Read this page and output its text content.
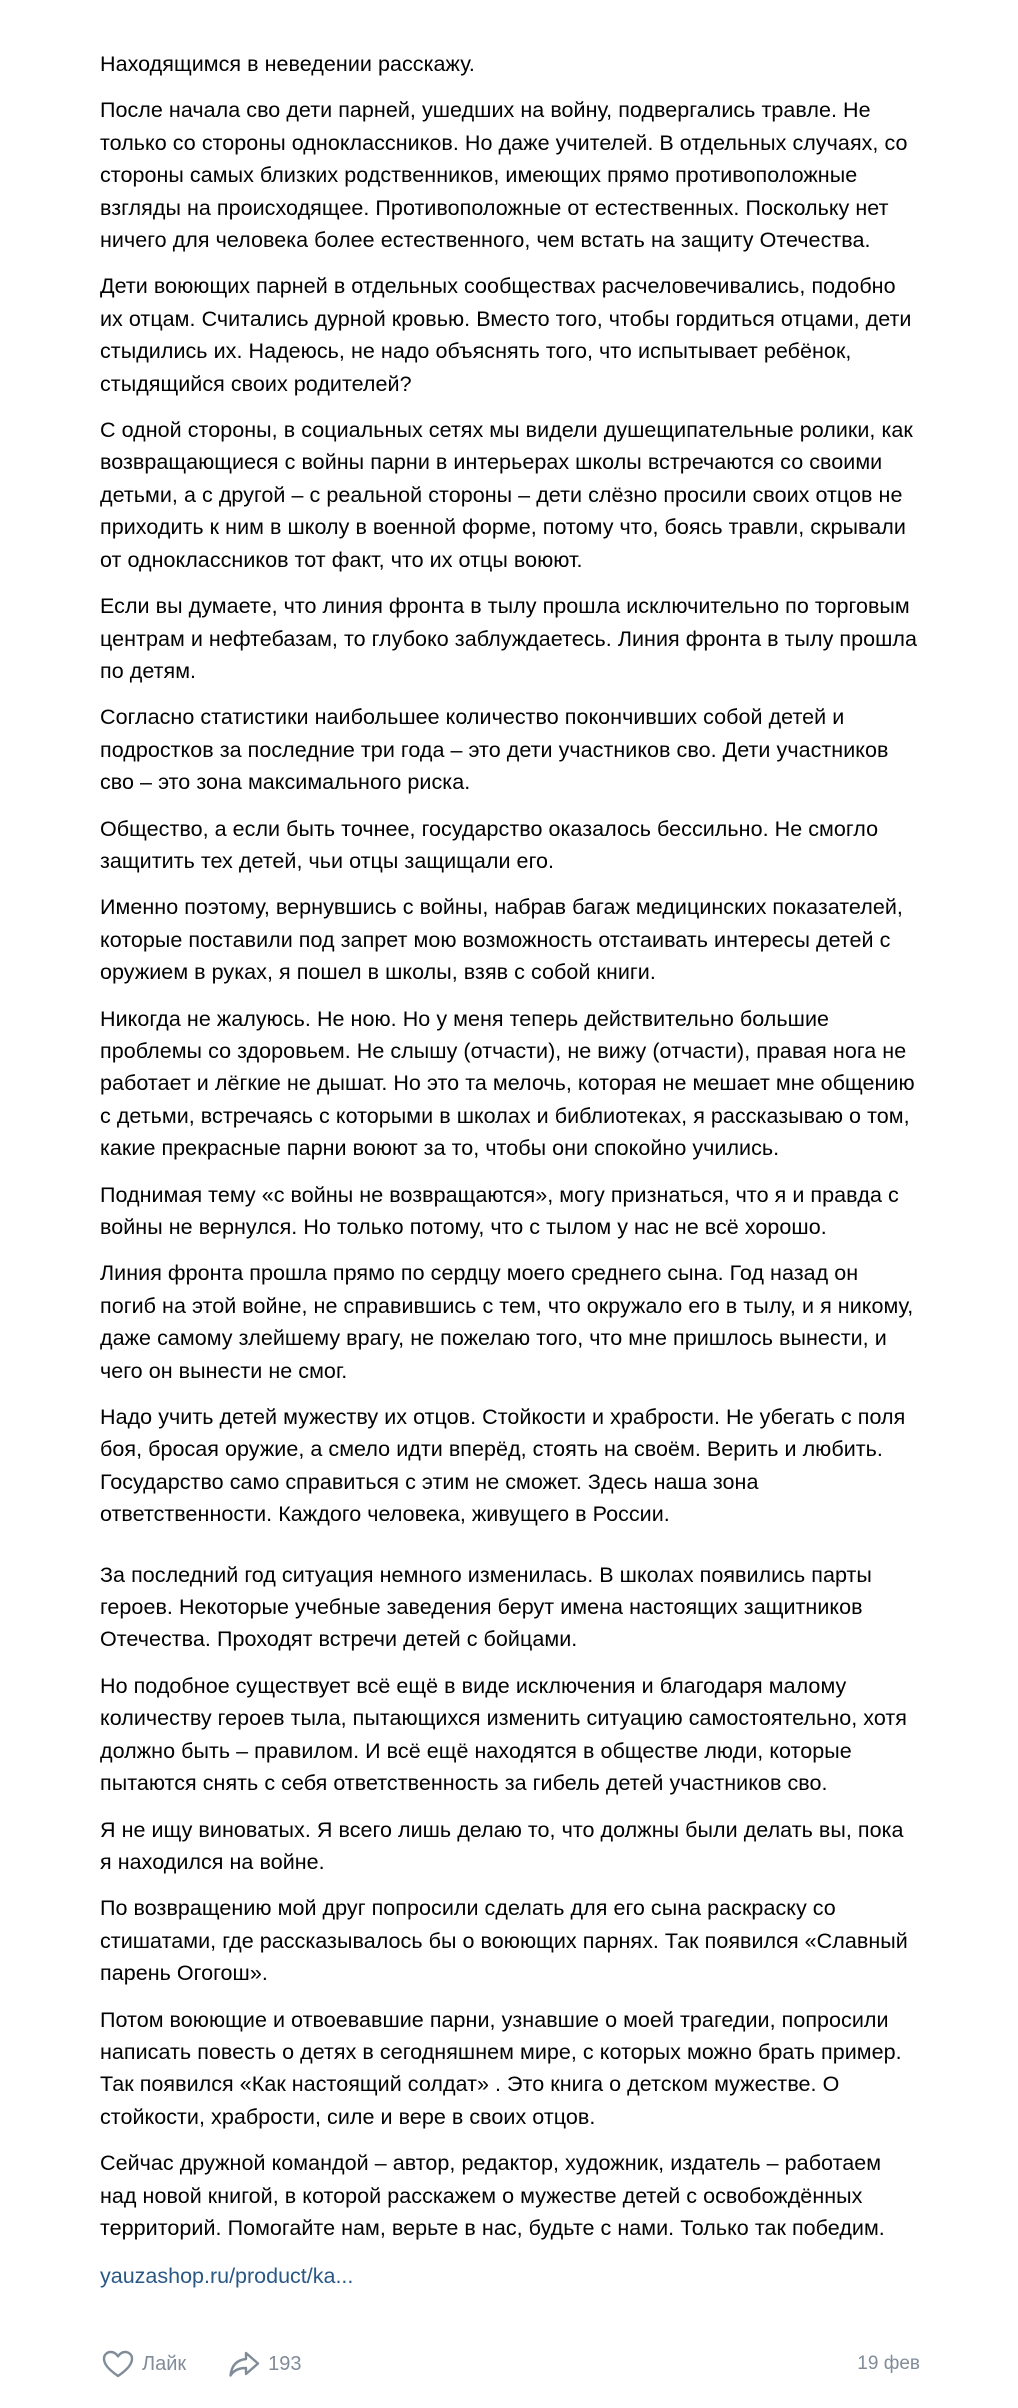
Находящимся в неведении расскажу.

После начала сво дети парней, ушедших на войну, подвергались травле. Не только со стороны одноклассников. Но даже учителей. В отдельных случаях, со стороны самых близких родственников, имеющих прямо противоположные взгляды на происходящее. Противоположные от естественных. Поскольку нет ничего для человека более естественного, чем встать на защиту Отечества.

Дети воюющих парней в отдельных сообществах расчеловечивались, подобно их отцам. Считались дурной кровью. Вместо того, чтобы гордиться отцами, дети стыдились их. Надеюсь, не надо объяснять того, что испытывает ребёнок, стыдящийся своих родителей?

С одной стороны, в социальных сетях мы видели душещипательные ролики, как возвращающиеся с войны парни в интерьерах школы встречаются со своими детьми, а с другой – с реальной стороны – дети слёзно просили своих отцов не приходить к ним в школу в военной форме, потому что, боясь травли, скрывали от одноклассников тот факт, что их отцы воюют.

Если вы думаете, что линия фронта в тылу прошла исключительно по торговым центрам и нефтебазам, то глубоко заблуждаетесь. Линия фронта в тылу прошла по детям.

Согласно статистики наибольшее количество покончивших собой детей и подростков за последние три года – это дети участников сво. Дети участников сво – это зона максимального риска.

Общество, а если быть точнее, государство оказалось бессильно. Не смогло защитить тех детей, чьи отцы защищали его.

Именно поэтому, вернувшись с войны, набрав багаж медицинских показателей, которые поставили под запрет мою возможность отстаивать интересы детей с оружием в руках, я пошел в школы, взяв с собой книги.

Никогда не жалуюсь. Не ною. Но у меня теперь действительно большие проблемы со здоровьем. Не слышу (отчасти), не вижу (отчасти), правая нога не работает и лёгкие не дышат. Но это та мелочь, которая не мешает мне общению с детьми, встречаясь с которыми в школах и библиотеках, я рассказываю о том, какие прекрасные парни воюют за то, чтобы они спокойно учились.

Поднимая тему «с войны не возвращаются», могу признаться, что я и правда с войны не вернулся. Но только потому, что с тылом у нас не всё хорошо.

Линия фронта прошла прямо по сердцу моего среднего сына. Год назад он погиб на этой войне, не справившись с тем, что окружало его в тылу, и я никому, даже самому злейшему врагу, не пожелаю того, что мне пришлось вынести, и чего он вынести не смог.

Надо учить детей мужеству их отцов. Стойкости и храбрости. Не убегать с поля боя, бросая оружие, а смело идти вперёд, стоять на своём. Верить и любить. Государство само справиться с этим не сможет. Здесь наша зона ответственности. Каждого человека, живущего в России.

За последний год ситуация немного изменилась. В школах появились парты героев. Некоторые учебные заведения берут имена настоящих защитников Отечества. Проходят встречи детей с бойцами.

Но подобное существует всё ещё в виде исключения и благодаря малому количеству героев тыла, пытающихся изменить ситуацию самостоятельно, хотя должно быть – правилом. И всё ещё находятся в обществе люди, которые пытаются снять с себя ответственность за гибель детей участников сво.

Я не ищу виноватых. Я всего лишь делаю то, что должны были делать вы, пока я находился на войне.

По возвращению мой друг попросили сделать для его сына раскраску со стишатами, где рассказывалось бы о воюющих парнях. Так появился «Славный парень Огогош».

Потом воюющие и отвоевавшие парни, узнавшие о моей трагедии, попросили написать повесть о детях в сегодняшнем мире, с которых можно брать пример. Так появился «Как настоящий солдат» . Это книга о детском мужестве. О стойкости, храбрости, силе и вере в своих отцов.

Сейчас дружной командой – автор, редактор, художник, издатель – работаем над новой книгой, в которой расскажем о мужестве детей с освобождённых территорий. Помогайте нам, верьте в нас, будьте с нами. Только так победим.

yauzashop.ru/product/ka...
Лайк	193	19 фев
